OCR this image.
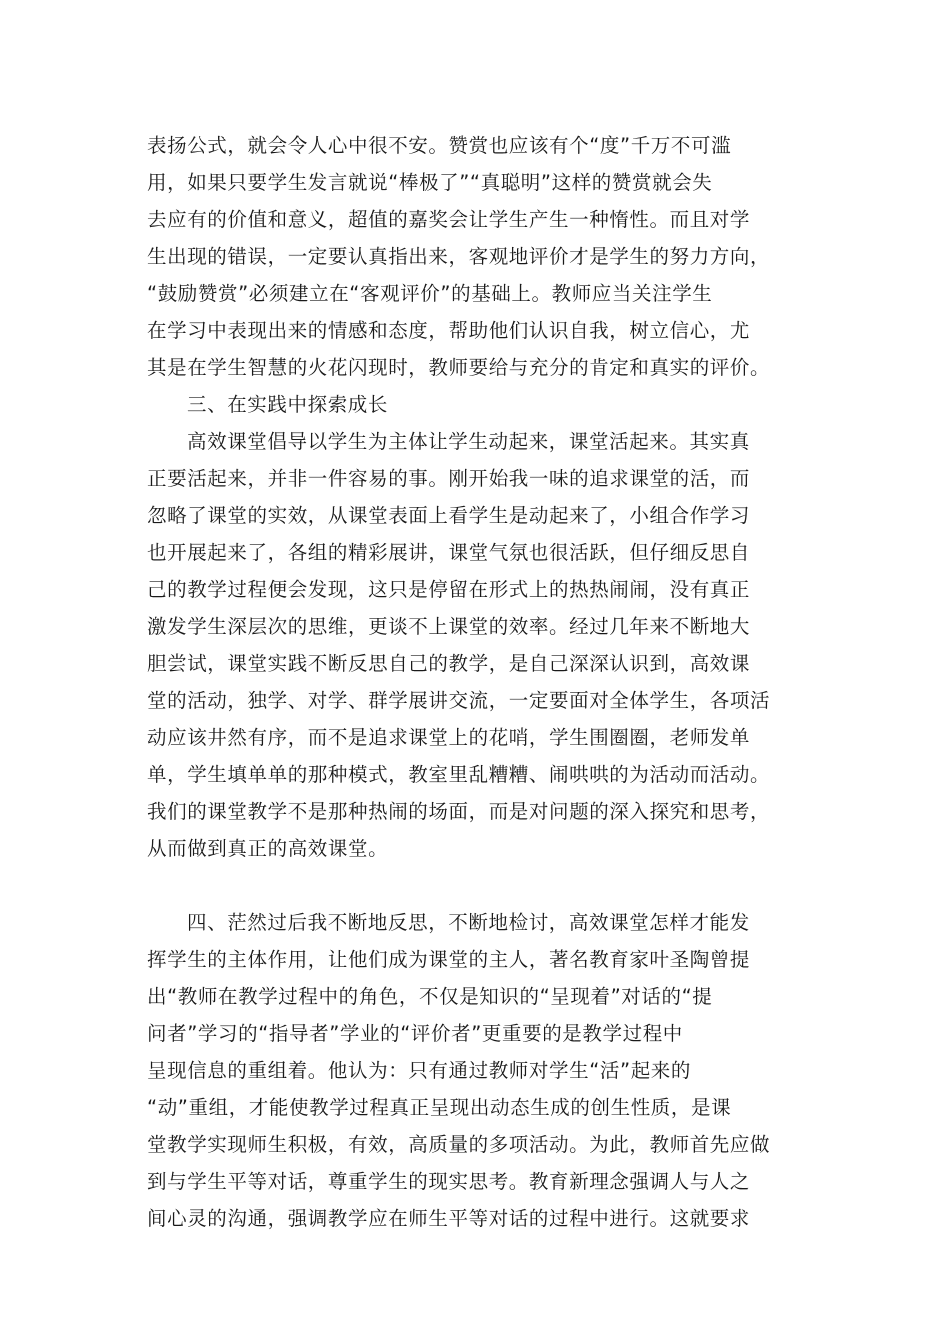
表扬公式，就会令人心中很不安。赞赏也应该有个“度”千万不可滥
用，如果只要学生发言就说“棒极了”“真聪明”这样的赞赏就会失
去应有的价值和意义，超值的嘉奖会让学生产生一种惰性。而且对学
生出现的错误，一定要认真指出来，客观地评价才是学生的努力方向，
“鼓励赞赏”必须建立在“客观评价”的基础上。教师应当关注学生
在学习中表现出来的情感和态度，帮助他们认识自我，树立信心，尤
其是在学生智慧的火花闪现时，教师要给与充分的肯定和真实的评价。
三、在实践中探索成长
高效课堂倡导以学生为主体让学生动起来，课堂活起来。其实真
正要活起来，并非一件容易的事。刚开始我一味的追求课堂的活，而
忽略了课堂的实效，从课堂表面上看学生是动起来了，小组合作学习
也开展起来了，各组的精彩展讲，课堂气氛也很活跃，但仔细反思自
己的教学过程便会发现，这只是停留在形式上的热热闹闹，没有真正
激发学生深层次的思维，更谈不上课堂的效率。经过几年来不断地大
胆尝试，课堂实践不断反思自己的教学，是自己深深认识到，高效课
堂的活动，独学、对学、群学展讲交流，一定要面对全体学生，各项活
动应该井然有序，而不是追求课堂上的花哨，学生围圈圈，老师发单
单，学生填单单的那种模式，教室里乱糟糟、闹哄哄的为活动而活动。
我们的课堂教学不是那种热闹的场面，而是对问题的深入探究和思考，
从而做到真正的高效课堂。
四、茫然过后我不断地反思，不断地检讨，高效课堂怎样才能发
挥学生的主体作用，让他们成为课堂的主人，著名教育家叶圣陶曾提
出“教师在教学过程中的角色，不仅是知识的“呈现着”对话的“提
问者”学习的“指导者”学业的“评价者”更重要的是教学过程中
呈现信息的重组着。他认为：只有通过教师对学生“活”起来的
“动”重组，才能使教学过程真正呈现出动态生成的创生性质，是课
堂教学实现师生积极，有效，高质量的多项活动。为此，教师首先应做
到与学生平等对话，尊重学生的现实思考。教育新理念强调人与人之
间心灵的沟通，强调教学应在师生平等对话的过程中进行。这就要求
